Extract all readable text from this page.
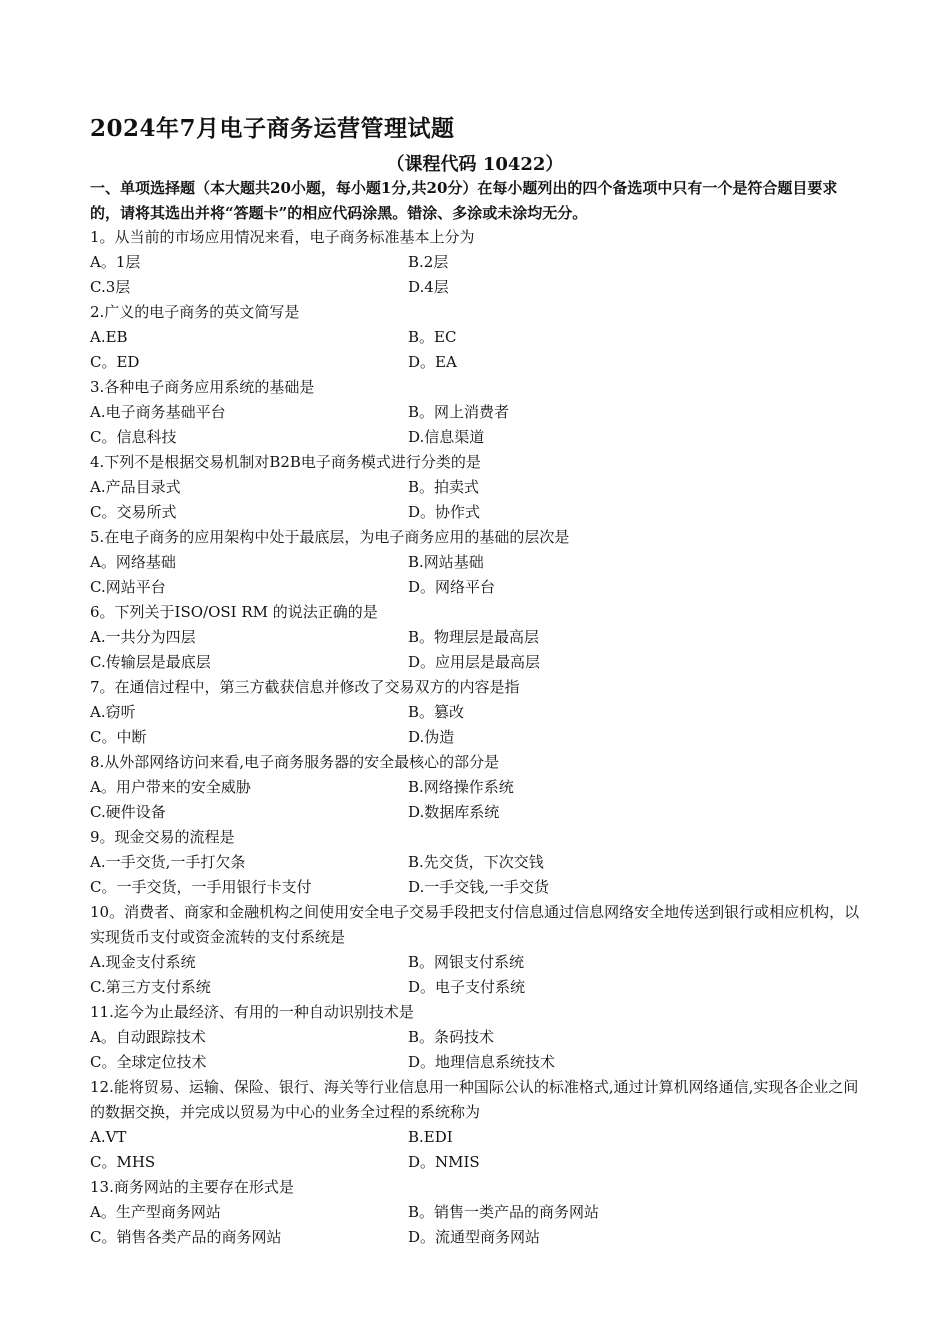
2024年7月电子商务运营管理试题
（课程代码 10422）
一、单项选择题（本大题共20小题，每小题1分,共20分）在每小题列出的四个备选项中只有一个是符合题目要求的，请将其选出并将“答题卡”的相应代码涂黑。错涂、多涂或未涂均无分。

1。从当前的市场应用情况来看，电子商务标准基本上分为

A。1层	B.2层
C.3层	D.4层

2.广义的电子商务的英文简写是

A.EB	B。EC
C。ED	D。EA

3.各种电子商务应用系统的基础是

A.电子商务基础平台	B。网上消费者
C。信息科技	D.信息渠道

4.下列不是根据交易机制对B2B电子商务模式进行分类的是

A.产品目录式	B。拍卖式
C。交易所式	D。协作式

5.在电子商务的应用架构中处于最底层，为电子商务应用的基础的层次是

A。网络基础	B.网站基础
C.网站平台	D。网络平台

6。下列关于ISO/OSI RM 的说法正确的是

A.一共分为四层	B。物理层是最高层
C.传输层是最底层	D。应用层是最高层

7。在通信过程中，第三方截获信息并修改了交易双方的内容是指

A.窃听	B。篡改
C。中断	D.伪造

8.从外部网络访问来看,电子商务服务器的安全最核心的部分是

A。用户带来的安全威胁	B.网络操作系统
C.硬件设备	D.数据库系统

9。现金交易的流程是

A.一手交货,一手打欠条	B.先交货，下次交钱
C。一手交货，一手用银行卡支付	D.一手交钱,一手交货

10。消费者、商家和金融机构之间使用安全电子交易手段把支付信息通过信息网络安全地传送到银行或相应机构，以实现货币支付或资金流转的支付系统是

A.现金支付系统	B。网银支付系统
C.第三方支付系统	D。电子支付系统

11.迄今为止最经济、有用的一种自动识别技术是

A。自动跟踪技术	B。条码技术
C。全球定位技术	D。地理信息系统技术

12.能将贸易、运输、保险、银行、海关等行业信息用一种国际公认的标准格式,通过计算机网络通信,实现各企业之间的数据交换，并完成以贸易为中心的业务全过程的系统称为

A.VT	B.EDI
C。MHS	D。NMIS

13.商务网站的主要存在形式是

A。生产型商务网站	B。销售一类产品的商务网站
C。销售各类产品的商务网站	D。流通型商务网站
